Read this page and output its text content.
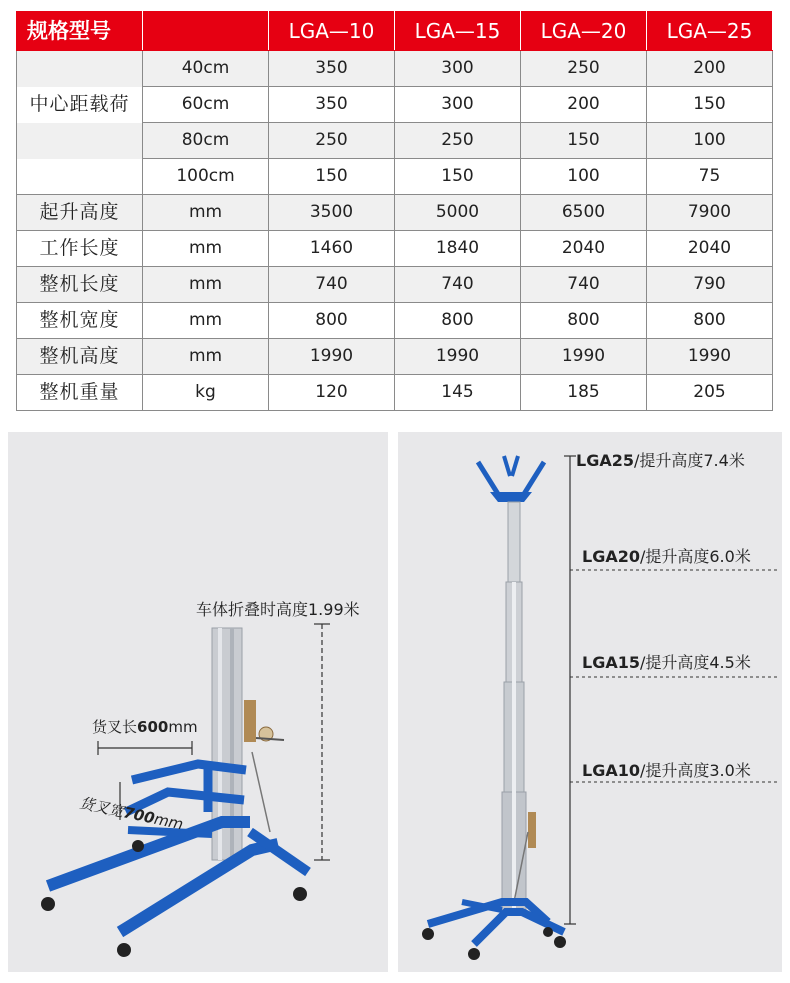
规格型号		LGA—10	LGA—15	LGA—20	LGA—25
	40cm	350	300	250	200
中心距载荷	60cm	350	300	200	150
	80cm	250	250	150	100
	100cm	150	150	100	75
起升高度	mm	3500	5000	6500	7900
工作长度	mm	1460	1840	2040	2040
整机长度	mm	740	740	740	790
整机宽度	mm	800	800	800	800
整机高度	mm	1990	1990	1990	1990
整机重量	kg	120	145	185	205
车体折叠时高度1.99米
货叉长600mm
货叉宽700mm
LGA25/提升高度7.4米
LGA20/提升高度6.0米
LGA15/提升高度4.5米
LGA10/提升高度3.0米
